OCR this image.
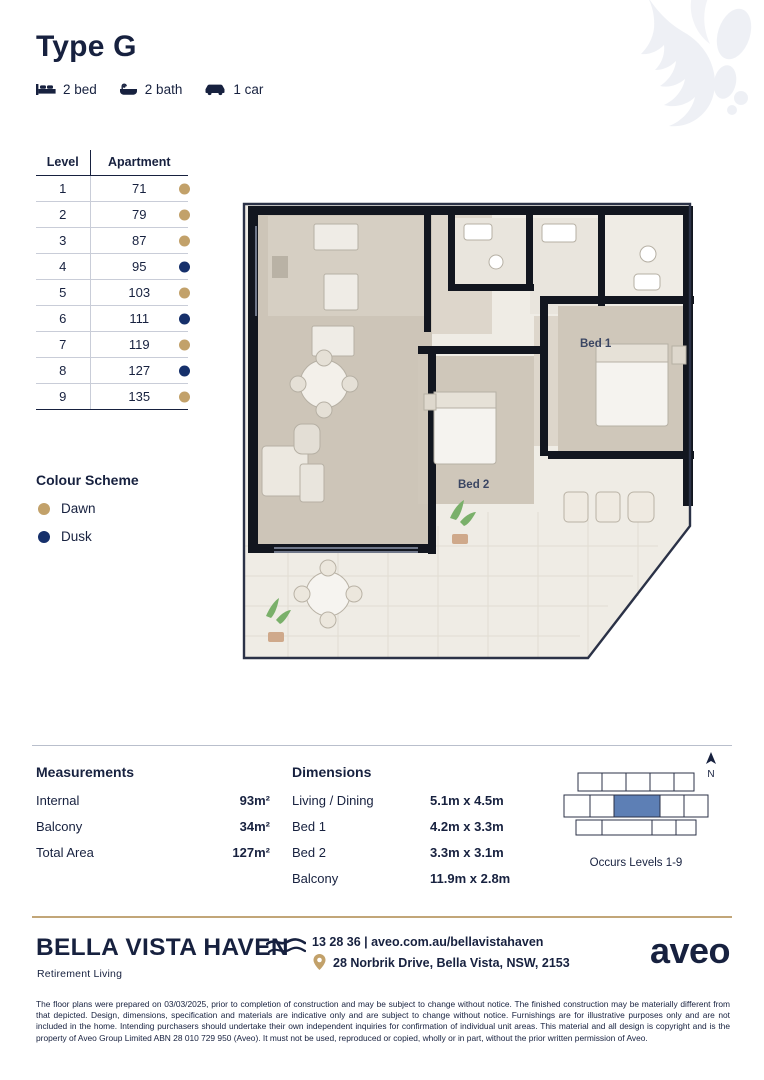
Type G
2 bed	2 bath	1 car
Level	Apartment
1	71

2	79

3	87

4	95

5	103

6	111

7	119

8	127

9	135
Colour Scheme
Dawn
Dusk
Bed 1
Bed 2
Measurements
Internal	93m²
Balcony	34m²
Total Area	127m²
Dimensions
Living / Dining	5.1m x 4.5m
Bed 1	4.2m x 3.3m
Bed 2	3.3m x 3.1m
Balcony	11.9m x 2.8m
N
Occurs Levels 1-9
BELLA VISTA HAVEN
Retirement Living
13 28 36 | aveo.com.au/bellavistahaven
28 Norbrik Drive, Bella Vista, NSW, 2153 aveo
The floor plans were prepared on 03/03/2025, prior to completion of construction and may be subject to change without notice. The finished construction may be materially different from that depicted. Design, dimensions, specification and materials are indicative only and are subject to change without notice. Furnishings are for illustrative purposes only and are not included in the home. Intending purchasers should undertake their own independent inquiries for confirmation of individual unit areas. This material and all design is copyright and is the property of Aveo Group Limited ABN 28 010 729 950 (Aveo). It must not be used, reproduced or copied, wholly or in part, without the prior written permission of Aveo.
